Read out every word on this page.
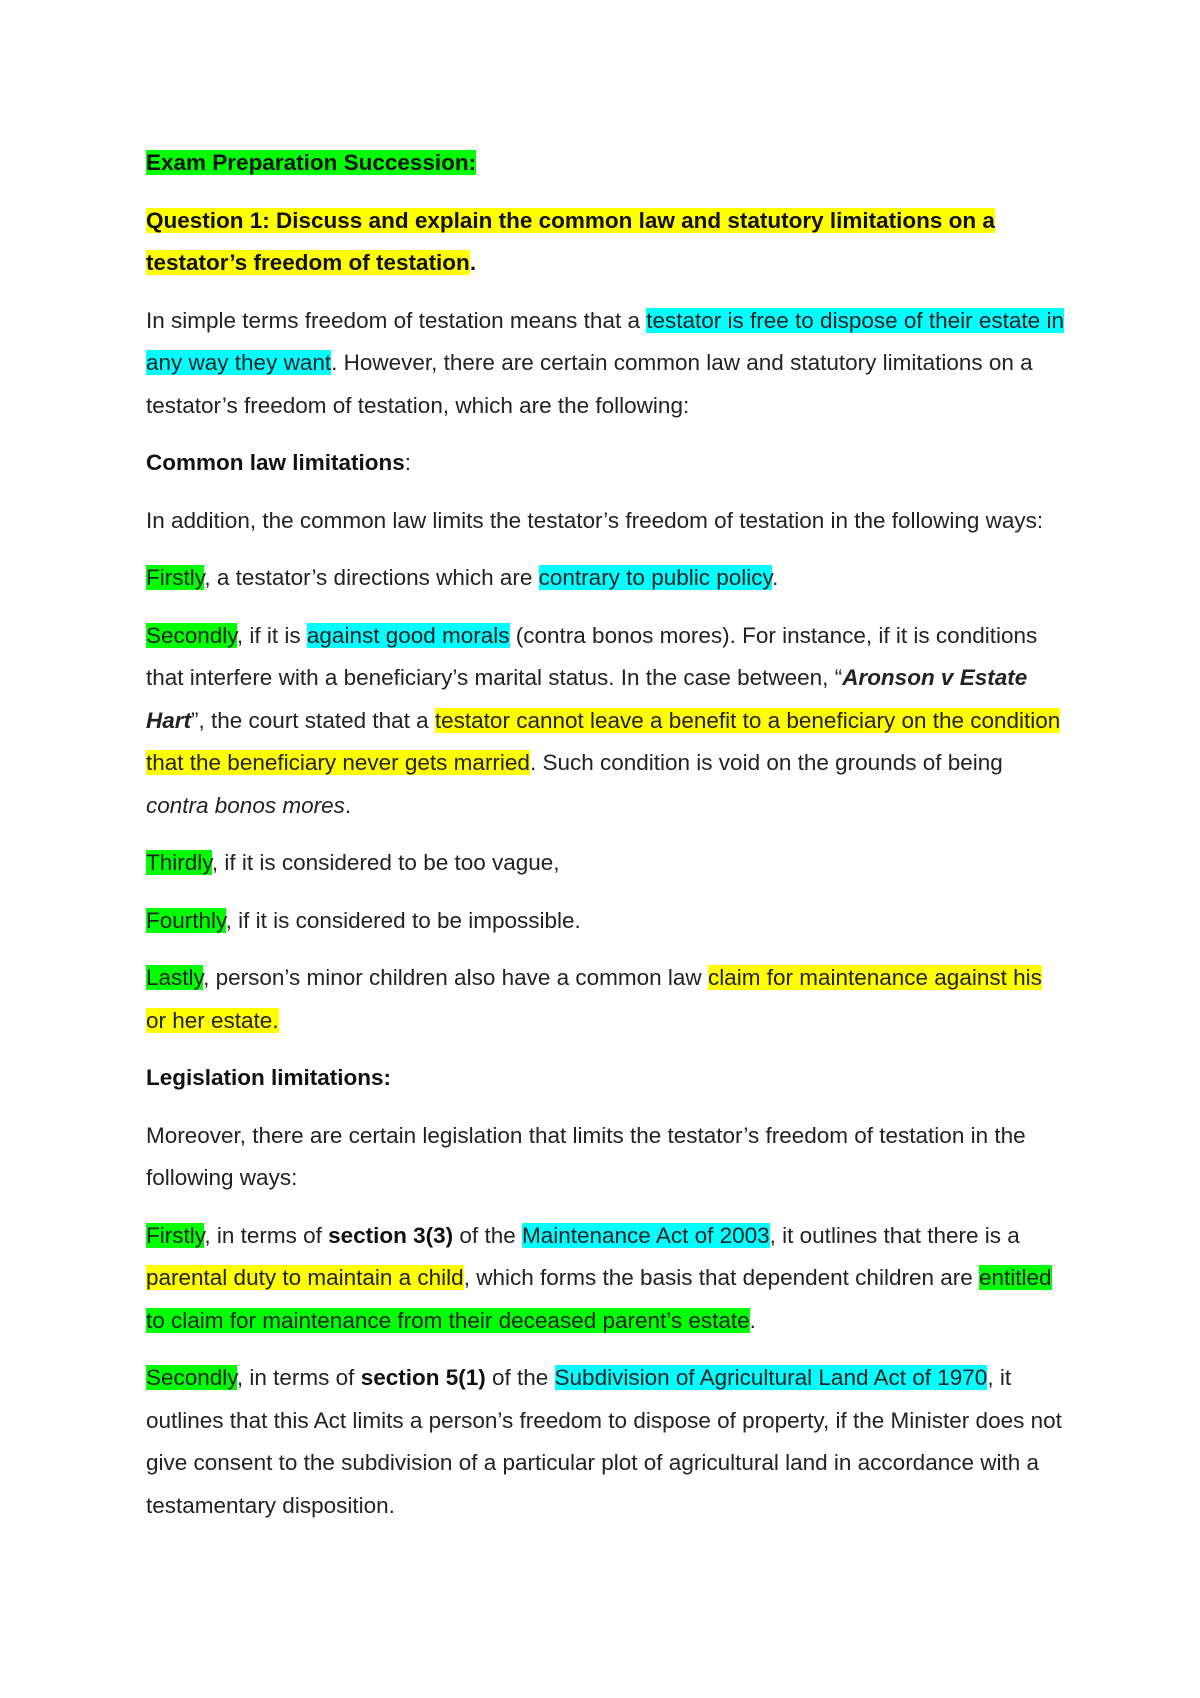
Exam Preparation Succession:

Question 1: Discuss and explain the common law and statutory limitations on a testator’s freedom of testation.

In simple terms freedom of testation means that a testator is free to dispose of their estate in any way they want. However, there are certain common law and statutory limitations on a testator’s freedom of testation, which are the following:

Common law limitations:

In addition, the common law limits the testator’s freedom of testation in the following ways:

Firstly, a testator’s directions which are contrary to public policy.

Secondly, if it is against good morals (contra bonos mores). For instance, if it is conditions that interfere with a beneficiary’s marital status. In the case between, “Aronson v Estate Hart”, the court stated that a testator cannot leave a benefit to a beneficiary on the condition that the beneficiary never gets married. Such condition is void on the grounds of being contra bonos mores.

Thirdly, if it is considered to be too vague,

Fourthly, if it is considered to be impossible.

Lastly, person’s minor children also have a common law claim for maintenance against his or her estate.

Legislation limitations:

Moreover, there are certain legislation that limits the testator’s freedom of testation in the following ways:

Firstly, in terms of section 3(3) of the Maintenance Act of 2003, it outlines that there is a parental duty to maintain a child, which forms the basis that dependent children are entitled to claim for maintenance from their deceased parent’s estate.

Secondly, in terms of section 5(1) of the Subdivision of Agricultural Land Act of 1970, it outlines that this Act limits a person’s freedom to dispose of property, if the Minister does not give consent to the subdivision of a particular plot of agricultural land in accordance with a testamentary disposition.
